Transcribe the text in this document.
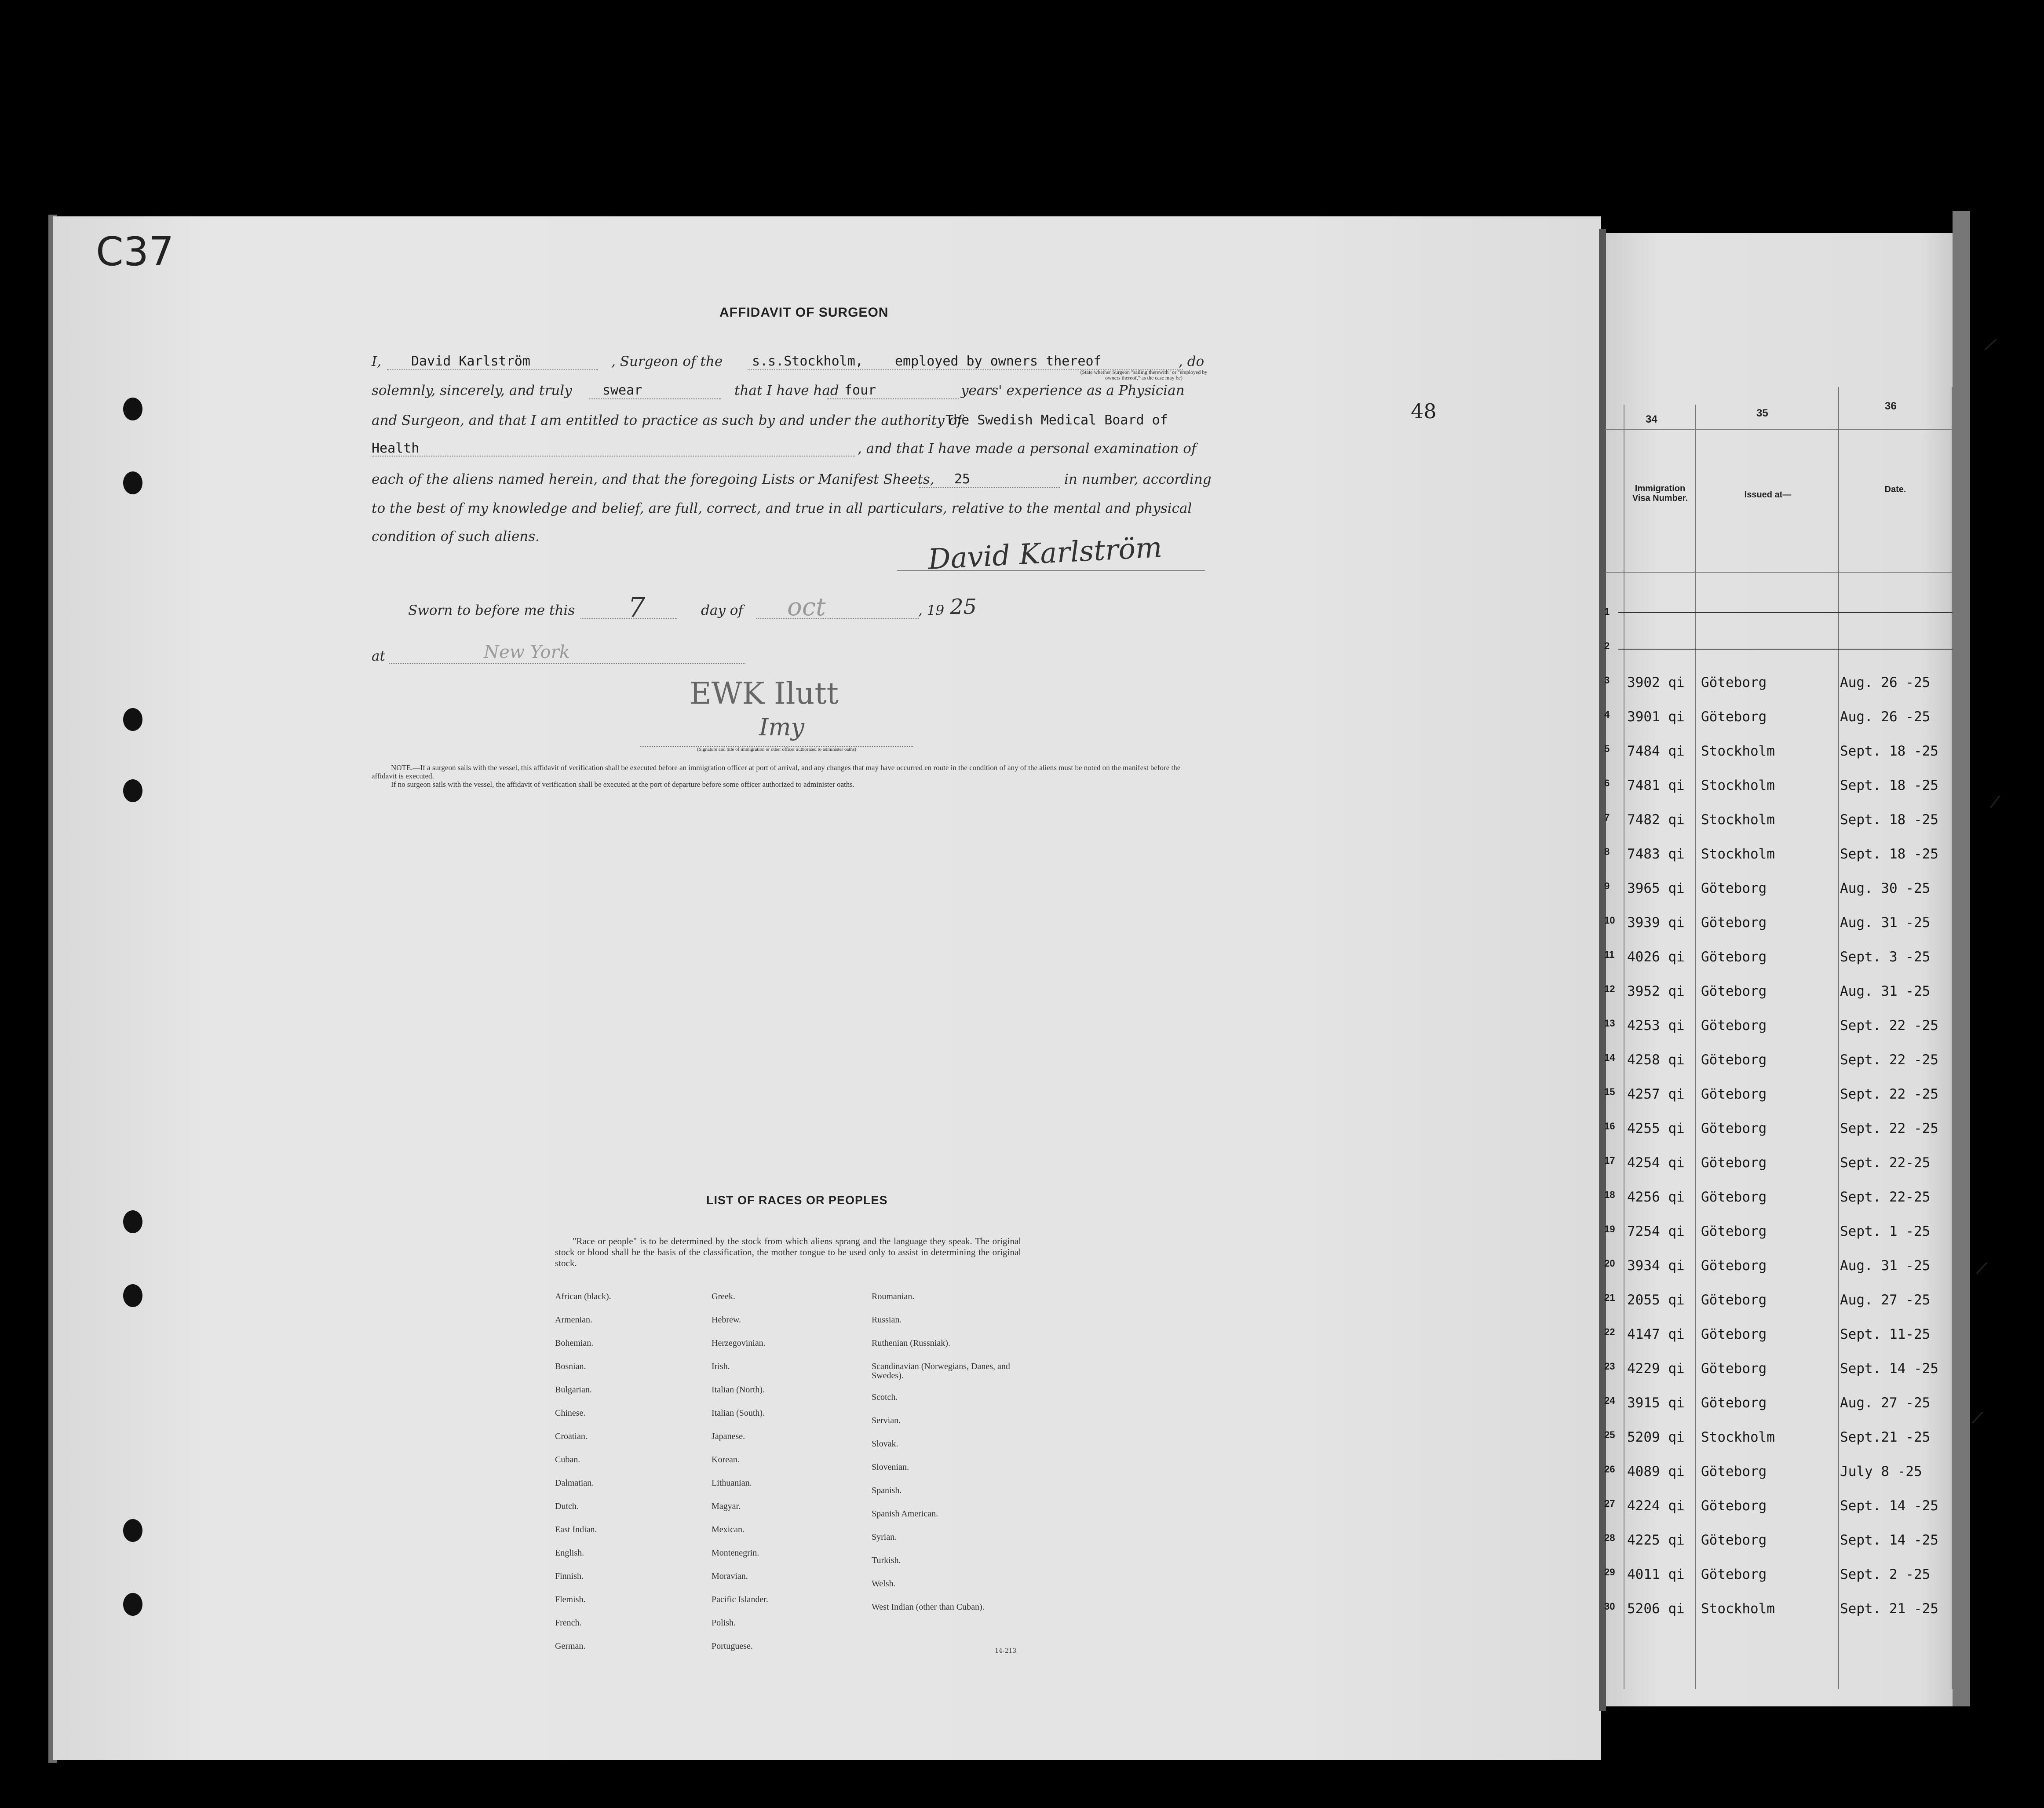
C37
AFFIDAVIT OF SURGEON
I, David Karlström	, Surgeon of the s.s.Stockholm, employed by owners thereof	, do
(State whether Surgeon "sailing therewith" or "employed by owners thereof," as the case may be)
solemnly, sincerely, and truly swear	that I have had four	years' experience as a Physician
and Surgeon, and that I am entitled to practice as such by and under the authority of
The Swedish Medical Board of
Health	, and that I have made a personal examination of
each of the aliens named herein, and that the foregoing Lists or Manifest Sheets, 25	in number, according
to the best of my knowledge and belief, are full, correct, and true in all particulars, relative to the mental and physical
condition of such aliens.	David Karlström
Sworn to before me this 7	day of oct	, 19 25
at	New York
EWK Ilutt
Imy
(Signature and title of immigration or other officer authorized to administer oaths)
NOTE.—If a surgeon sails with the vessel, this affidavit of verification shall be executed before an immigration officer at port of arrival, and any changes that may have occurred en route in the condition of any of the aliens must be noted on the manifest before the affidavit is executed.
If no surgeon sails with the vessel, the affidavit of verification shall be executed at the port of departure before some officer authorized to administer oaths.
48
LIST OF RACES OR PEOPLES
"Race or people" is to be determined by the stock from which aliens sprang and the language they speak. The original stock or blood shall be the basis of the classification, the mother tongue to be used only to assist in determining the original stock.
African (black).
Armenian.
Bohemian.
Bosnian.
Bulgarian.
Chinese.
Croatian.
Cuban.
Dalmatian.
Dutch.
East Indian.
English.
Finnish.
Flemish.
French.
German.
Greek.
Hebrew.
Herzegovinian.
Irish.
Italian (North).
Italian (South).
Japanese.
Korean.
Lithuanian.
Magyar.
Mexican.
Montenegrin.
Moravian.
Pacific Islander.
Polish.
Portuguese.
Roumanian.
Russian.
Ruthenian (Russniak).
Scandinavian (Norwegians, Danes, and Swedes).
Scotch.
Servian.
Slovak.
Slovenian.
Spanish.
Spanish American.
Syrian.
Turkish.
Welsh.
West Indian (other than Cuban).
14-213
34
35
36
Immigration Visa Number.	Issued at—
Date.
1
2
3 3902 qi Göteborg	Aug. 26 -25
4 3901 qi Göteborg	Aug. 26 -25
5 7484 qi Stockholm	Sept. 18 -25
6 7481 qi Stockholm	Sept. 18 -25
7 7482 qi Stockholm	Sept. 18 -25
8 7483 qi Stockholm	Sept. 18 -25
9 3965 qi Göteborg	Aug. 30 -25
10 3939 qi Göteborg	Aug. 31 -25
11 4026 qi Göteborg	Sept. 3 -25
12 3952 qi Göteborg	Aug. 31 -25
13 4253 qi Göteborg	Sept. 22 -25
14 4258 qi Göteborg	Sept. 22 -25
15 4257 qi Göteborg	Sept. 22 -25
16 4255 qi Göteborg	Sept. 22 -25
17 4254 qi Göteborg	Sept. 22-25
18 4256 qi Göteborg	Sept. 22-25
19 7254 qi Göteborg	Sept. 1 -25
20 3934 qi Göteborg	Aug. 31 -25
21 2055 qi Göteborg	Aug. 27 -25
22 4147 qi Göteborg	Sept. 11-25
23 4229 qi Göteborg	Sept. 14 -25
24 3915 qi Göteborg	Aug. 27 -25
25 5209 qi Stockholm	Sept.21 -25
26 4089 qi Göteborg	July 8 -25
27 4224 qi Göteborg	Sept. 14 -25
28 4225 qi Göteborg	Sept. 14 -25
29 4011 qi Göteborg	Sept. 2 -25
30 5206 qi Stockholm	Sept. 21 -25
/
/
/
/
